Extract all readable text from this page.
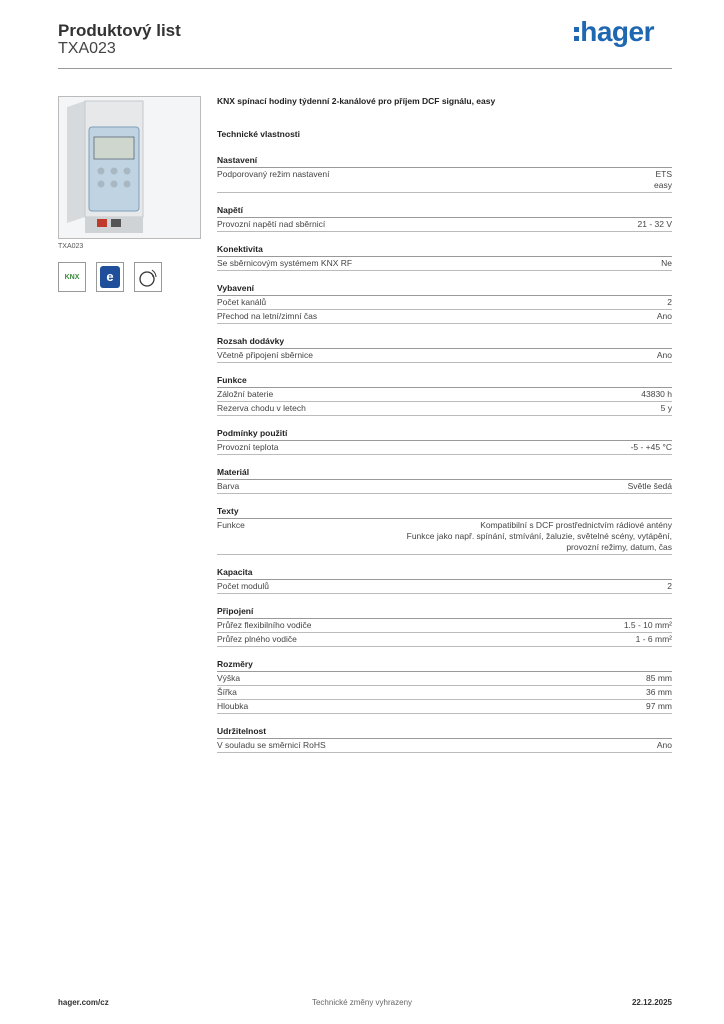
Produktový list
TXA023
hager
TXA023
KNX e
KNX spínací hodiny týdenní 2-kanálové pro příjem DCF signálu, easy
Technické vlastnosti
Nastavení
Podporovaný režim nastavení	ETS
easy
Napětí
Provozní napětí nad sběrnicí	21 - 32 V
Konektivita
Se sběrnicovým systémem KNX RF	Ne
Vybavení
Počet kanálů	2
Přechod na letní/zimní čas	Ano
Rozsah dodávky
Včetně připojení sběrnice	Ano
Funkce
Záložní baterie	43830 h
Rezerva chodu v letech	5 y
Podmínky použití
Provozní teplota	-5 - +45 °C
Materiál
Barva	Světle šedá
Texty
Funkce	Kompatibilní s DCF prostřednictvím rádiové antény
Funkce jako např. spínání, stmívání, žaluzie, světelné scény, vytápění,
provozní režimy, datum, čas
Kapacita
Počet modulů	2
Připojení
Průřez flexibilního vodiče	1.5 - 10 mm²
Průřez plného vodiče	1 - 6 mm²
Rozměry
Výška	85 mm
Šířka	36 mm
Hloubka	97 mm
Udržitelnost
V souladu se směrnicí RoHS	Ano
hager.com/cz	Technické změny vyhrazeny	22.12.2025
